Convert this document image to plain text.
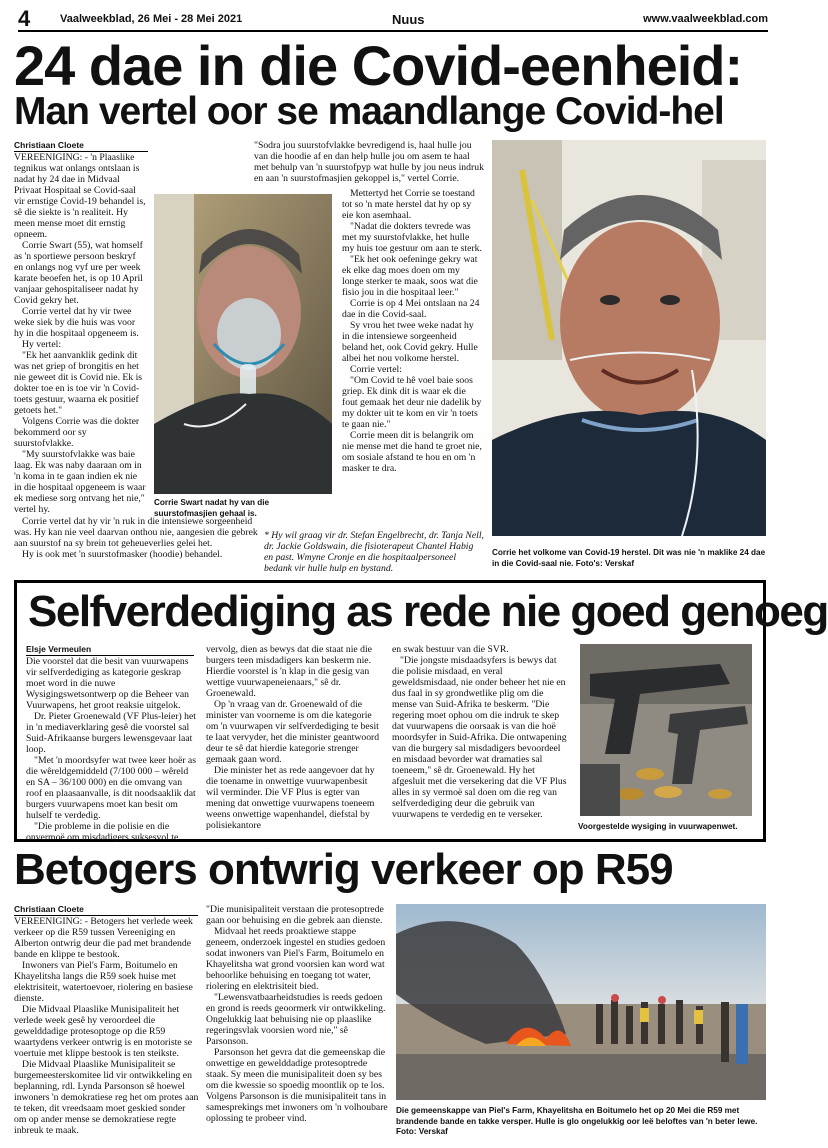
4	Vaalweekblad, 26 Mei - 28 Mei 2021	Nuus	www.vaalweekblad.com
24 dae in die Covid-eenheid:
Man vertel oor se maandlange Covid-hel
Christiaan Cloete

VEREENIGING: - 'n Plaaslike tegnikus wat onlangs ontslaan is nadat hy 24 dae in Midvaal Privaat Hospitaal se Covid-saal vir ernstige Covid-19 behandel is, sê die siekte is 'n realiteit. Hy meen mense moet dit ernstig opneem.

Corrie Swart (55), wat homself as 'n sportiewe persoon beskryf en onlangs nog vyf ure per week karate beoefen het, is op 10 April vanjaar gehospitaliseer nadat hy Covid gekry het.

Corrie vertel dat hy vir twee weke siek by die huis was voor hy in die hospitaal opgeneem is.

Hy vertel:

"Ek het aanvanklik gedink dit was net griep of brongitis en het nie geweet dit is Covid nie. Ek is dokter toe en is toe vir 'n Covid-toets gestuur, waarna ek positief getoets het."

Volgens Corrie was die dokter bekommerd oor sy suurstofvlakke.

"My suurstofvlakke was baie laag. Ek was naby daaraan om in 'n koma in te gaan indien ek nie in die hospitaal opgeneem is waar ek mediese sorg ontvang het nie," vertel hy.

Corrie vertel dat hy vir 'n ruk in die intensiewe sorgeenheid was. Hy kan nie veel daarvan onthou nie, aangesien die gebrek aan suurstof na sy brein tot geheueverlies gelei het.

Hy is ook met 'n suurstofmasker (hoodie) behandel.

Corrie Swart nadat hy van die suurstofmasjien gehaal is.

"Sodra jou suurstofvlakke bevredigend is, haal hulle jou van die hoodie af en dan help hulle jou om asem te haal met behulp van 'n suurstofpyp wat hulle by jou neus indruk en aan 'n suurstofmasjien gekoppel is," vertel Corrie.

Mettertyd het Corrie se toestand tot so 'n mate herstel dat hy op sy eie kon asemhaal.

"Nadat die dokters tevrede was met my suurstofvlakke, het hulle my huis toe gestuur om aan te sterk.

"Ek het ook oefeninge gekry wat ek elke dag moes doen om my longe sterker te maak, soos wat die fisio jou in die hospitaal leer."

Corrie is op 4 Mei ontslaan na 24 dae in die Covid-saal.

Sy vrou het twee weke nadat hy in die intensiewe sorgeenheid beland het, ook Covid gekry. Hulle albei het nou volkome herstel.

Corrie vertel:

"Om Covid te hê voel baie soos griep. Ek dink dit is waar ek die fout gemaak het deur nie dadelik by my dokter uit te kom en vir 'n toets te gaan nie."

Corrie meen dit is belangrik om nie mense met die hand te groet nie, om sosiale afstand te hou en om 'n masker te dra.

* Hy wil graag vir dr. Stefan Engelbrecht, dr. Tanja Nell, dr. Jackie Goldswain, die fisioterapeut Chantel Habig en past. Wmyne Cronje en die hospitaalpersoneel bedank vir hulle hulp en bystand.
Corrie het volkome van Covid-19 herstel. Dit was nie 'n maklike 24 dae in die Covid-saal nie. Foto's: Verskaf
Selfverdediging as rede nie goed genoeg
Elsje Vermeulen

Die voorstel dat die besit van vuurwapens vir selfverdediging as kategorie geskrap moet word in die nuwe Wysigingswetsontwerp op die Beheer van Vuurwapens, het groot reaksie uitgelok.

Dr. Pieter Groenewald (VF Plus-leier) het in 'n mediaverklaring gesê die voorstel sal Suid-Afrikaanse burgers lewensgevaar laat loop.

"Met 'n moordsyfer wat twee keer hoër as die wêreldgemiddeld (7/100 000 – wêreld en SA – 36/100 000) en die omvang van roof en plaasaanvalle, is dit noodsaaklik dat burgers vuurwapens moet kan besit om hulself te verdedig.

"Die probleme in die polisie en die onvermoë om misdadigers suksesvol te

vervolg, dien as bewys dat die staat nie die burgers teen misdadigers kan beskerm nie. Hierdie voorstel is 'n klap in die gesig van wettige vuurwapeneienaars," sê dr. Groenewald.

Op 'n vraag van dr. Groenewald of die minister van voorneme is om die kategorie om 'n vuurwapen vir selfverdediging te besit te laat vervyder, het die minister geantwoord deur te sê dat hierdie kategorie strenger gemaak gaan word.

Die minister het as rede aangevoer dat hy die toename in onwettige vuurwapenbesit wil verminder. Die VF Plus is egter van mening dat onwettige vuurwapens toeneem weens onwettige wapenhandel, diefstal by polisiekantore

en swak bestuur van die SVR.

"Die jongste misdaadsyfers is bewys dat die polisie misdaad, en veral geweldsmisdaad, nie onder beheer het nie en dus faal in sy grondwetlike plig om die mense van Suid-Afrika te beskerm. "Die regering moet ophou om die indruk te skep dat vuurwapens die oorsaak is van die hoë moordsyfer in Suid-Afrika. Die ontwapening van die burgery sal misdadigers bevoordeel en misdaad bevorder wat dramaties sal toeneem," sê dr. Groenewald. Hy het afgesluit met die versekering dat die VF Plus alles in sy vermoë sal doen om die reg van selfverdediging deur die gebruik van vuurwapens te verdedig en te verseker.

Voorgestelde wysiging in vuurwapenwet.
Betogers ontwrig verkeer op R59
Christiaan Cloete

VEREENIGING: - Betogers het verlede week verkeer op die R59 tussen Vereeniging en Alberton ontwrig deur die pad met brandende bande en klippe te bestook.

Inwoners van Piel's Farm, Boitumelo en Khayelitsha langs die R59 soek huise met elektrisiteit, watertoevoer, riolering en basiese dienste.

Die Midvaal Plaaslike Munisipaliteit het verlede week gesê hy veroordeel die gewelddadige protesoptoge op die R59 waartydens verkeer ontwrig is en motoriste se voertuie met klippe bestook is ten steikste.

Die Midvaal Plaaslike Munisipaliteit se burgemeesterskomitee lid vir ontwikkeling en beplanning, rdl. Lynda Parsonson sê hoewel inwoners 'n demokratiese reg het om protes aan te teken, dit vreedsaam moet geskied sonder om op ander mense se demokratiese regte inbreuk te maak.

"Die munisipaliteit verstaan die protesoptrede gaan oor behuising en die gebrek aan dienste.

Midvaal het reeds proaktiewe stappe geneem, onderzoek ingestel en studies gedoen sodat inwoners van Piel's Farm, Boitumelo en Khayelitsha wat grond voorsien kan word wat behoorlike behuising en toegang tot water, riolering en elektrisiteit bied.

"Lewensvatbaarheidstudies is reeds gedoen en grond is reeds geoormerk vir ontwikkeling. Ongelukkig laat behuising nie op plaaslike regeringsvlak voorsien word nie," sê Parsonson.

Parsonson het gevra dat die gemeenskap die onwettige en gewelddadige protesoptrede staak. Sy meen die munisipaliteit doen sy bes om die kwessie so spoedig moontlik op te los. Volgens Parsonson is die munisipaliteit tans in samesprekings met inwoners om 'n volhoubare oplossing te probeer vind.

Die gemeenskappe van Piel's Farm, Khayelitsha en Boitumelo het op 20 Mei die R59 met brandende bande en takke versper. Hulle is glo ongelukkig oor leë beloftes van 'n beter lewe. Foto: Verskaf
